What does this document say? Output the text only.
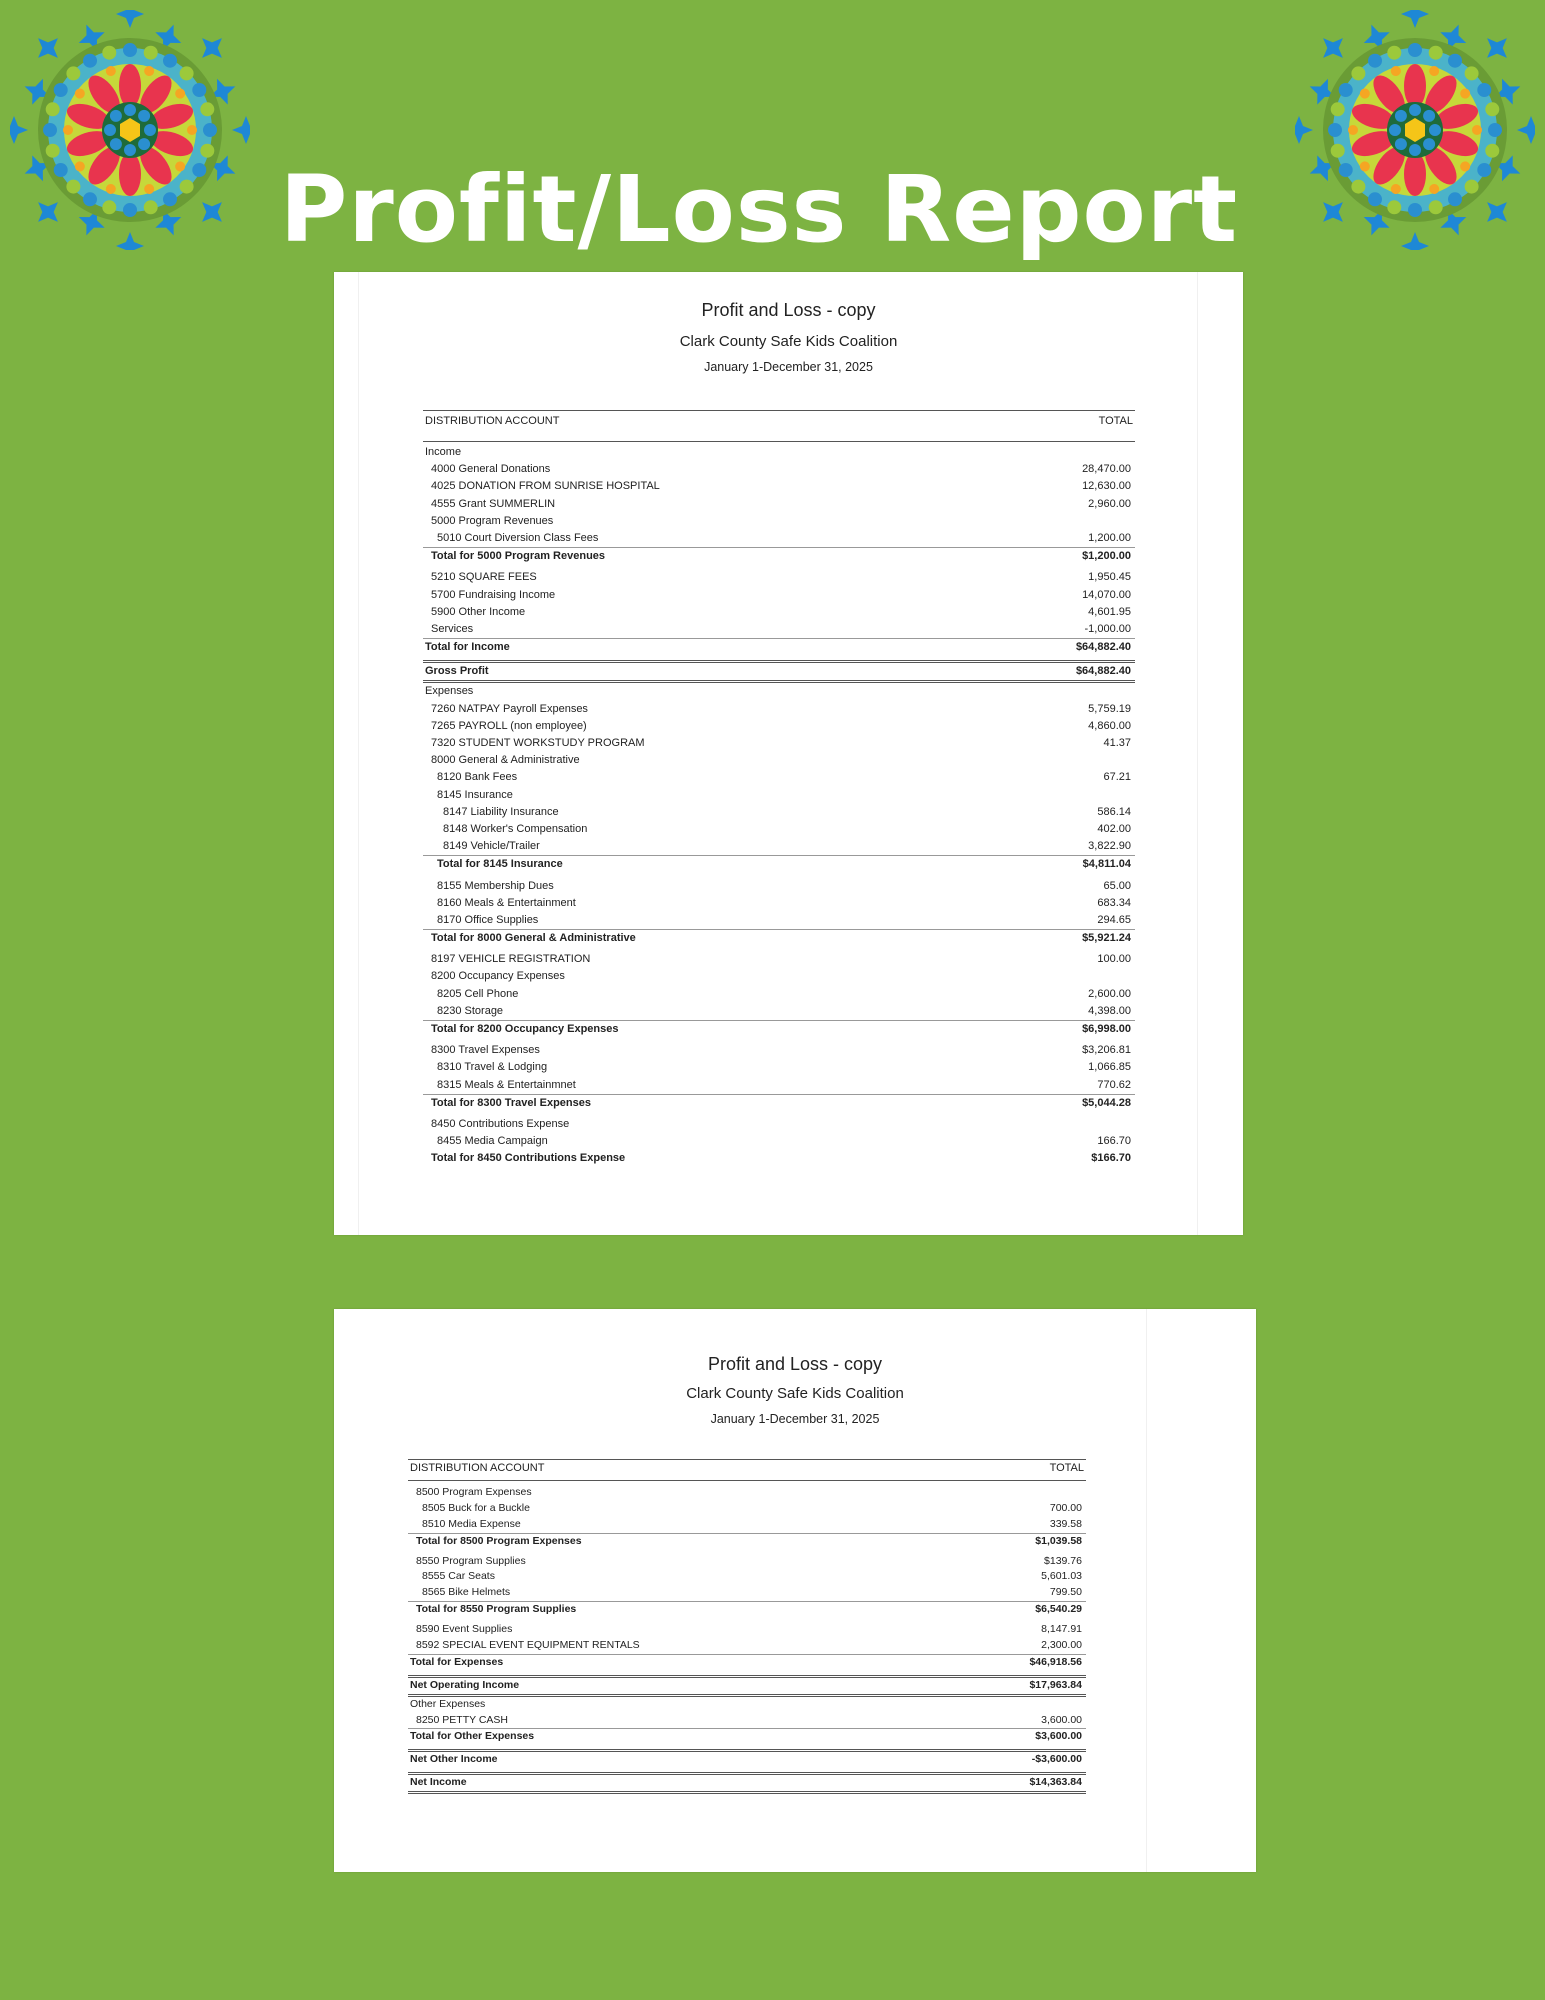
Profit/Loss Report
Profit and Loss - copy
Clark County Safe Kids Coalition
January 1-December 31, 2025
DISTRIBUTION ACCOUNT	TOTAL
Income
4000 General Donations	28,470.00
4025 DONATION FROM SUNRISE HOSPITAL	12,630.00
4555 Grant SUMMERLIN	2,960.00
5000 Program Revenues
5010 Court Diversion Class Fees	1,200.00
Total for 5000 Program Revenues	$1,200.00
5210 SQUARE FEES	1,950.45
5700 Fundraising Income	14,070.00
5900 Other Income	4,601.95
Services	-1,000.00
Total for Income	$64,882.40
Gross Profit	$64,882.40
Expenses
7260 NATPAY Payroll Expenses	5,759.19
7265 PAYROLL (non employee)	4,860.00
7320 STUDENT WORKSTUDY PROGRAM	41.37
8000 General & Administrative
8120 Bank Fees	67.21
8145 Insurance
8147 Liability Insurance	586.14
8148 Worker's Compensation	402.00
8149 Vehicle/Trailer	3,822.90
Total for 8145 Insurance	$4,811.04
8155 Membership Dues	65.00
8160 Meals & Entertainment	683.34
8170 Office Supplies	294.65
Total for 8000 General & Administrative	$5,921.24
8197 VEHICLE REGISTRATION	100.00
8200 Occupancy Expenses
8205 Cell Phone	2,600.00
8230 Storage	4,398.00
Total for 8200 Occupancy Expenses	$6,998.00
8300 Travel Expenses	$3,206.81
8310 Travel & Lodging	1,066.85
8315 Meals & Entertainmnet	770.62
Total for 8300 Travel Expenses	$5,044.28
8450 Contributions Expense
8455 Media Campaign	166.70
Total for 8450 Contributions Expense	$166.70
Profit and Loss - copy
Clark County Safe Kids Coalition
January 1-December 31, 2025
DISTRIBUTION ACCOUNT	TOTAL
8500 Program Expenses
8505 Buck for a Buckle	700.00
8510 Media Expense	339.58
Total for 8500 Program Expenses	$1,039.58
8550 Program Supplies	$139.76
8555 Car Seats	5,601.03
8565 Bike Helmets	799.50
Total for 8550 Program Supplies	$6,540.29
8590 Event Supplies	8,147.91
8592 SPECIAL EVENT EQUIPMENT RENTALS	2,300.00
Total for Expenses	$46,918.56
Net Operating Income	$17,963.84
Other Expenses
8250 PETTY CASH	3,600.00
Total for Other Expenses	$3,600.00
Net Other Income	-$3,600.00
Net Income	$14,363.84
